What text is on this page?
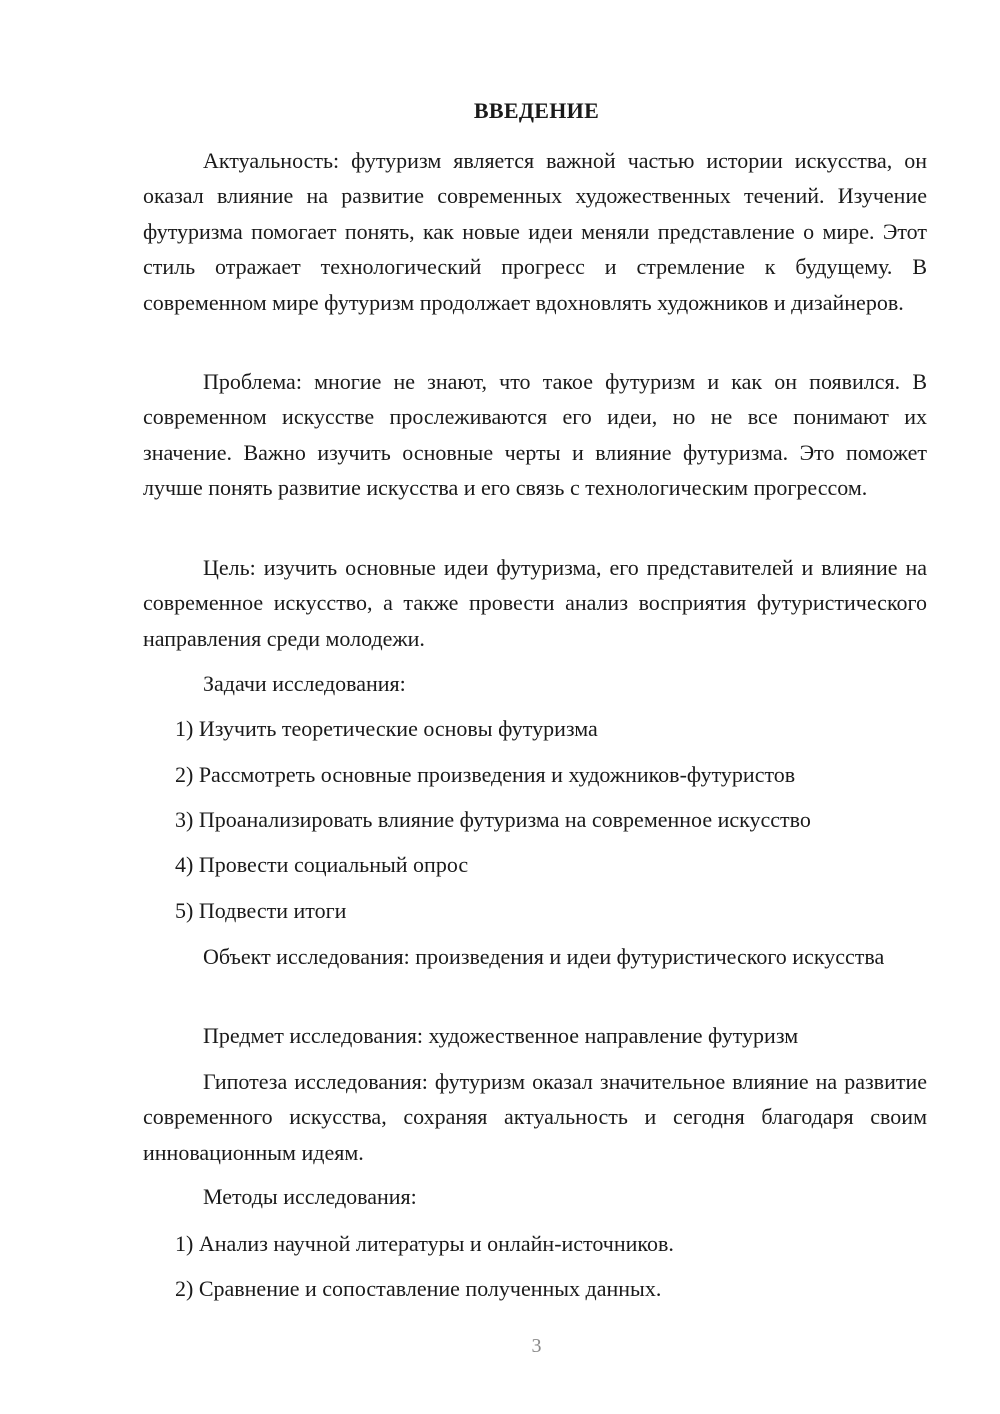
ВВЕДЕНИЕ

Актуальность: футуризм является важной частью истории искусства, он оказал влияние на развитие современных художественных течений. Изучение футуризма помогает понять, как новые идеи меняли представление о мире. Этот стиль отражает технологический прогресс и стремление к будущему. В современном мире футуризм продолжает вдохновлять художников и дизайнеров.

Проблема: многие не знают, что такое футуризм и как он появился. В современном искусстве прослеживаются его идеи, но не все понимают их значение. Важно изучить основные черты и влияние футуризма. Это поможет лучше понять развитие искусства и его связь с технологическим прогрессом.

Цель: изучить основные идеи футуризма, его представителей и влияние на современное искусство, а также провести анализ восприятия футуристического направления среди молодежи.

Задачи исследования:

1) Изучить теоретические основы футуризма

2) Рассмотреть основные произведения и художников-футуристов

3) Проанализировать влияние футуризма на современное искусство

4) Провести социальный опрос

5) Подвести итоги

Объект исследования: произведения и идеи футуристического искусства

Предмет исследования: художественное направление футуризм

Гипотеза исследования: футуризм оказал значительное влияние на развитие современного искусства, сохраняя актуальность и сегодня благодаря своим инновационным идеям.

Методы исследования:

1) Анализ научной литературы и онлайн-источников.

2) Сравнение и сопоставление полученных данных.

3
